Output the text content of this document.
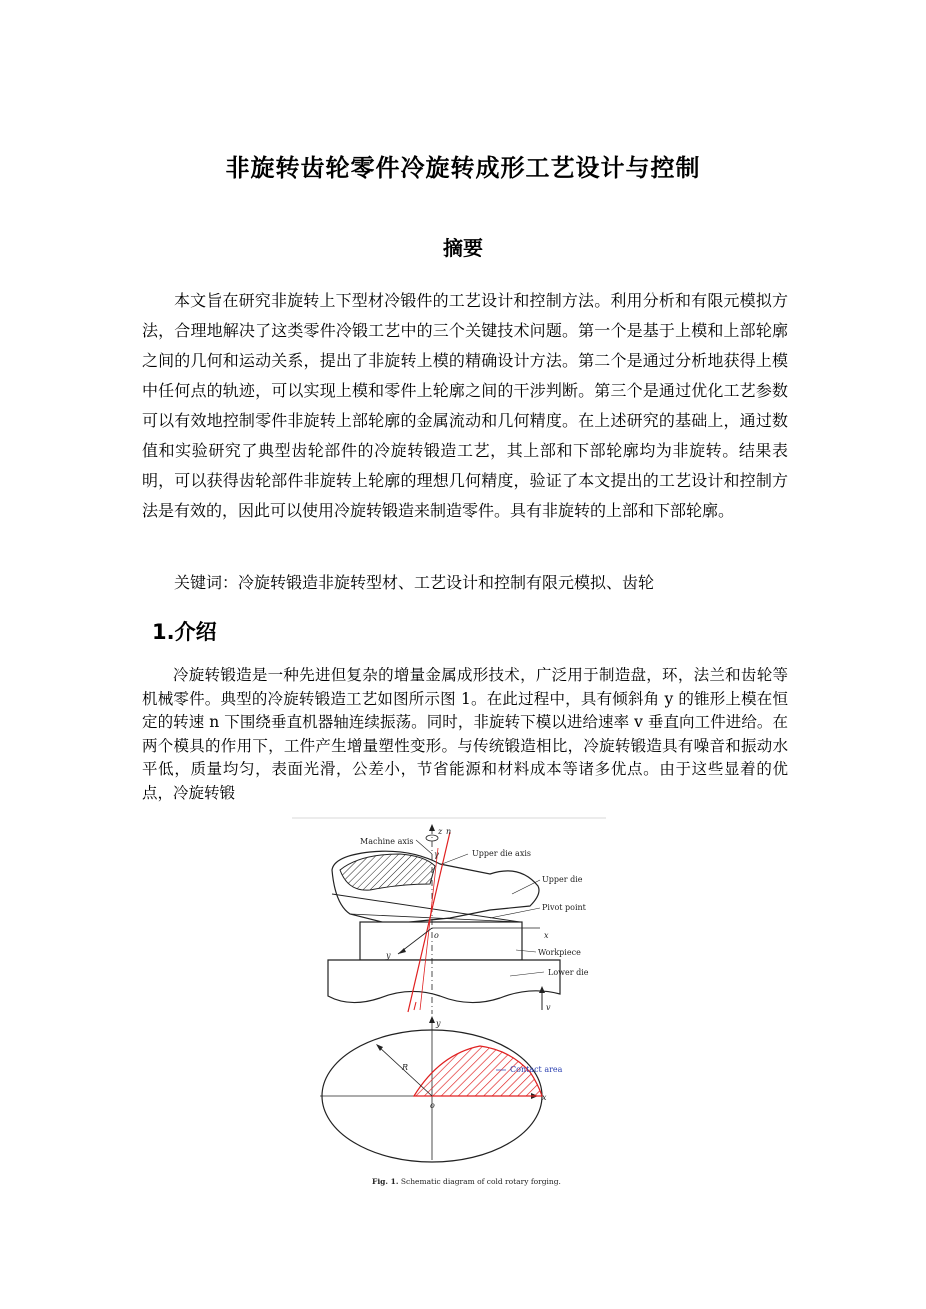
非旋转齿轮零件冷旋转成形工艺设计与控制
摘要

本文旨在研究非旋转上下型材冷锻件的工艺设计和控制方法。利用分析和有限元模拟方法，合理地解决了这类零件冷锻工艺中的三个关键技术问题。第一个是基于上模和上部轮廓之间的几何和运动关系，提出了非旋转上模的精确设计方法。第二个是通过分析地获得上模中任何点的轨迹，可以实现上模和零件上轮廓之间的干涉判断。第三个是通过优化工艺参数可以有效地控制零件非旋转上部轮廓的金属流动和几何精度。在上述研究的基础上，通过数值和实验研究了典型齿轮部件的冷旋转锻造工艺，其上部和下部轮廓均为非旋转。结果表明，可以获得齿轮部件非旋转上轮廓的理想几何精度，验证了本文提出的工艺设计和控制方法是有效的，因此可以使用冷旋转锻造来制造零件。具有非旋转的上部和下部轮廓。

关键词：冷旋转锻造非旋转型材、工艺设计和控制有限元模拟、齿轮
1.介绍

冷旋转锻造是一种先进但复杂的增量金属成形技术，广泛用于制造盘，环，法兰和齿轮等机械零件。典型的冷旋转锻造工艺如图所示图 1。在此过程中，具有倾斜角 y 的锥形上模在恒定的转速 n 下围绕垂直机器轴连续振荡。同时，非旋转下模以进给速率 v 垂直向工件进给。在两个模具的作用下，工件产生增量塑性变形。与传统锻造相比，冷旋转锻造具有噪音和振动水平低，质量均匀，表面光滑，公差小，节省能源和材料成本等诸多优点。由于这些显着的优点，冷旋转锻

z n
Machine axis
γ	Upper die axis
Upper die
Pivot point
o	x
y	Workpiece
Lower die
v
y
R	Contact area
o
x
Fig. 1. Schematic diagram of cold rotary forging.
